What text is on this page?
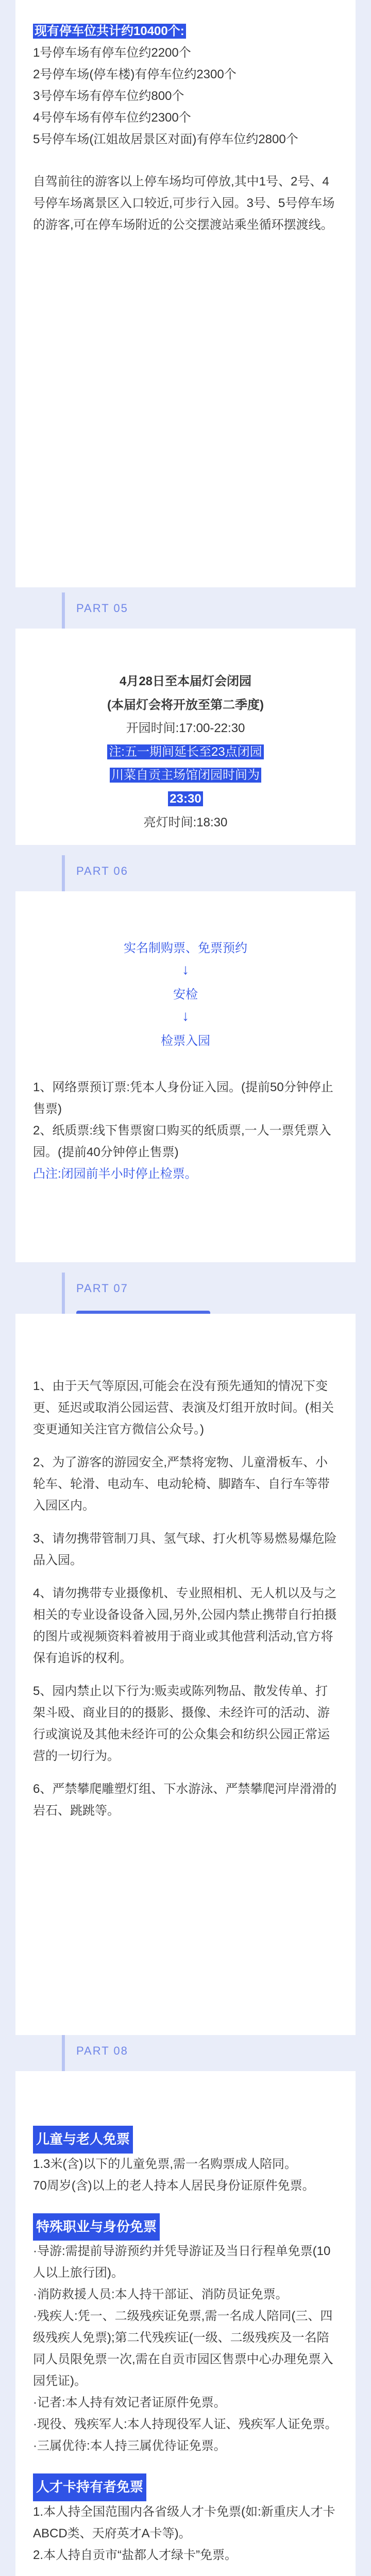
现有停车位共计约10400个:
1号停车场有停车位约2200个
2号停车场(停车楼)有停车位约2300个
3号停车场有停车位约800个
4号停车场有停车位约2300个
5号停车场(江姐故居景区对面)有停车位约2800个
自驾前往的游客以上停车场均可停放,其中1号、2号、4号停车场离景区入口较近,可步行入园。3号、5号停车场的游客,可在停车场附近的公交摆渡站乘坐循环摆渡线。
PART 05
4月28日至本届灯会闭园
(本届灯会将开放至第二季度)
开园时间:17:00-22:30
注:五一期间延长至23点闭园
川菜自贡主场馆闭园时间为
23:30
亮灯时间:18:30
PART 06
实名制购票、免票预约
↓
安检
↓
检票入园
1、网络票预订票:凭本人身份证入园。(提前50分钟停止售票)
2、纸质票:线下售票窗口购买的纸质票,一人一票凭票入园。(提前40分钟停止售票)
凸注:闭园前半小时停止检票。
PART 07

1、由于天气等原因,可能会在没有预先通知的情况下变更、延迟或取消公园运营、表演及灯组开放时间。(相关变更通知关注官方微信公众号。)

2、为了游客的游园安全,严禁将宠物、儿童滑板车、小轮车、轮滑、电动车、电动轮椅、脚踏车、自行车等带入园区内。

3、请勿携带管制刀具、氢气球、打火机等易燃易爆危险品入园。

4、请勿携带专业摄像机、专业照相机、无人机以及与之相关的专业设备设备入园,另外,公园内禁止携带自行拍摄的图片或视频资料着被用于商业或其他营利活动,官方将保有追诉的权利。

5、园内禁止以下行为:贩卖或陈列物品、散发传单、打架斗殴、商业目的的摄影、摄像、未经许可的活动、游行或演说及其他未经许可的公众集会和纺织公园正常运营的一切行为。

6、严禁攀爬雕塑灯组、下水游泳、严禁攀爬河岸滑滑的岩石、跳跳等。

PART 08
儿童与老人免票
1.3米(含)以下的儿童免票,需一名购票成人陪同。
70周岁(含)以上的老人持本人居民身份证原件免票。
特殊职业与身份免票
·导游:需提前导游预约并凭导游证及当日行程单免票(10人以上旅行团)。
·消防救援人员:本人持干部证、消防员证免票。
·残疾人:凭一、二级残疾证免票,需一名成人陪同(三、四级残疾人免票);第二代残疾证(一级、二级残疾及一名陪同人员限免票一次,需在自贡市园区售票中心办理免票入园凭证)。
·记者:本人持有效记者证原件免票。
·现役、残疾军人:本人持现役军人证、残疾军人证免票。
·三属优待:本人持三属优待证免票。
人才卡持有者免票
1.本人持全国范围内各省级人才卡免票(如:新重庆人才卡ABCD类、天府英才A卡等)。
2.本人持自贡市“盐都人才绿卡”免票。
